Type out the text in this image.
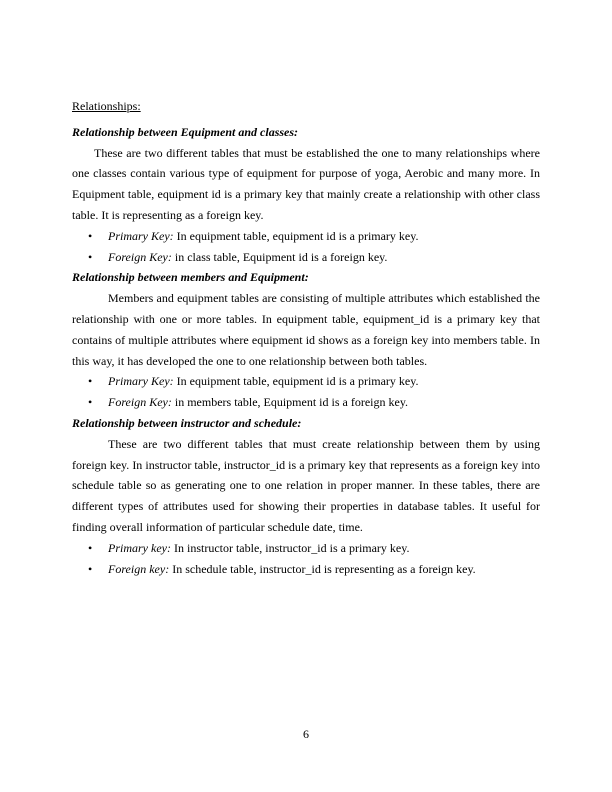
Relationships:
Relationship between Equipment and classes:

These are two different tables that must be established the one to many relationships where one classes contain various type of equipment for purpose of yoga, Aerobic and many more. In Equipment table, equipment id is a primary key that mainly create a relationship with other class table. It is representing as a foreign key.

• Primary Key: In equipment table, equipment id is a primary key.
• Foreign Key: in class table, Equipment id is a foreign key.
Relationship between members and Equipment:

Members and equipment tables are consisting of multiple attributes which established the relationship with one or more tables. In equipment table, equipment_id is a primary key that contains of multiple attributes where equipment id shows as a foreign key into members table. In this way, it has developed the one to one relationship between both tables.

• Primary Key: In equipment table, equipment id is a primary key.
• Foreign Key: in members table, Equipment id is a foreign key.
Relationship between instructor and schedule:

These are two different tables that must create relationship between them by using foreign key. In instructor table, instructor_id is a primary key that represents as a foreign key into schedule table so as generating one to one relation in proper manner. In these tables, there are different types of attributes used for showing their properties in database tables. It useful for finding overall information of particular schedule date, time.

• Primary key: In instructor table, instructor_id is a primary key.
• Foreign key: In schedule table, instructor_id is representing as a foreign key.
6
